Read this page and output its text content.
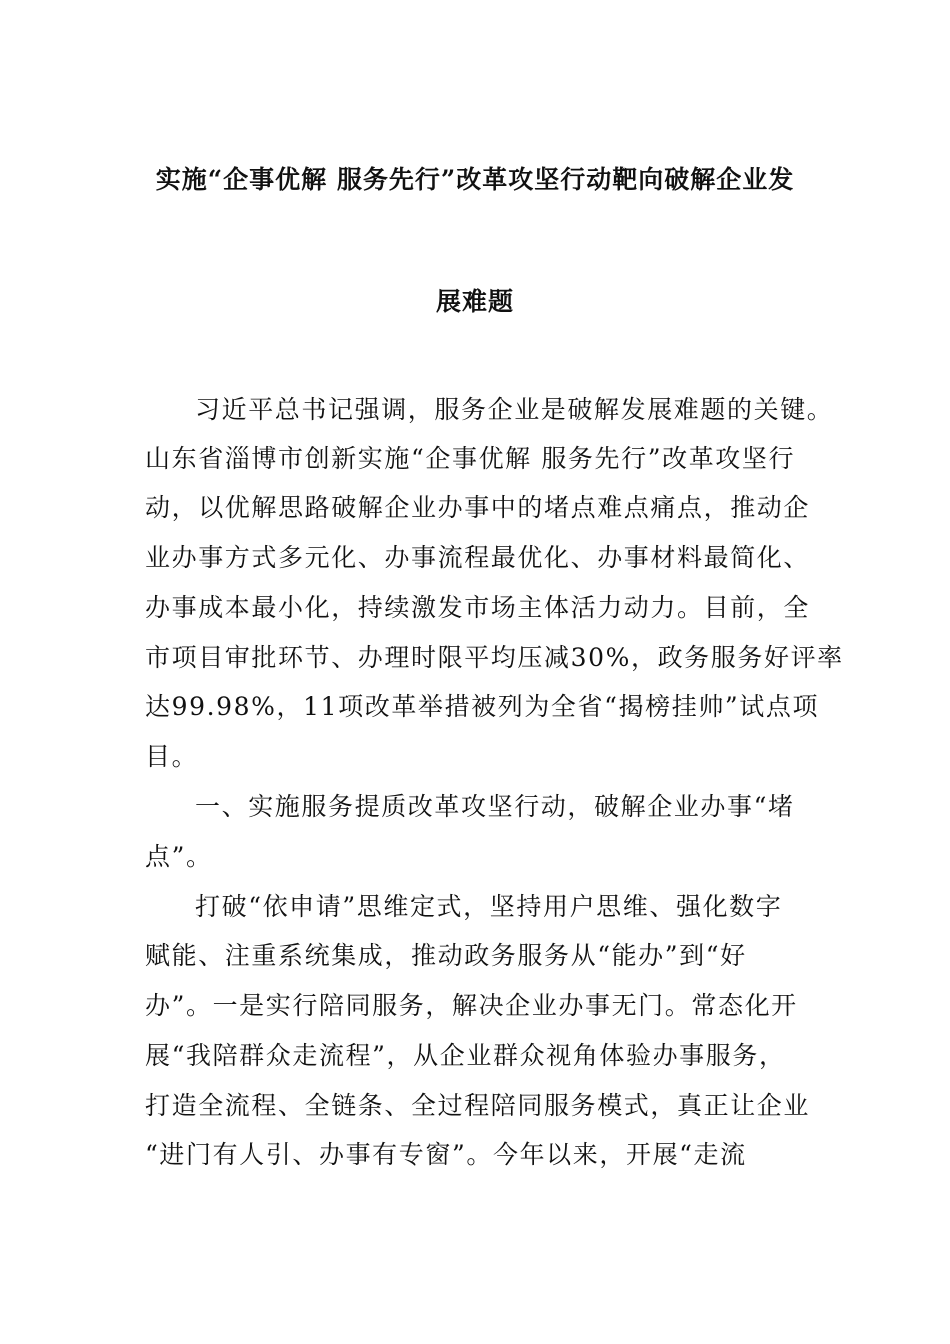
实施“企事优解 服务先行”改革攻坚行动靶向破解企业发
展难题
习近平总书记强调，服务企业是破解发展难题的关键。
山东省淄博市创新实施“企事优解 服务先行”改革攻坚行
动，以优解思路破解企业办事中的堵点难点痛点，推动企
业办事方式多元化、办事流程最优化、办事材料最简化、
办事成本最小化，持续激发市场主体活力动力。目前，全
市项目审批环节、办理时限平均压减30%，政务服务好评率
达99.98%，11项改革举措被列为全省“揭榜挂帅”试点项
目。
一、实施服务提质改革攻坚行动，破解企业办事“堵
点”。
打破“依申请”思维定式，坚持用户思维、强化数字
赋能、注重系统集成，推动政务服务从“能办”到“好
办”。一是实行陪同服务，解决企业办事无门。常态化开
展“我陪群众走流程”，从企业群众视角体验办事服务，
打造全流程、全链条、全过程陪同服务模式，真正让企业
“进门有人引、办事有专窗”。今年以来，开展“走流
